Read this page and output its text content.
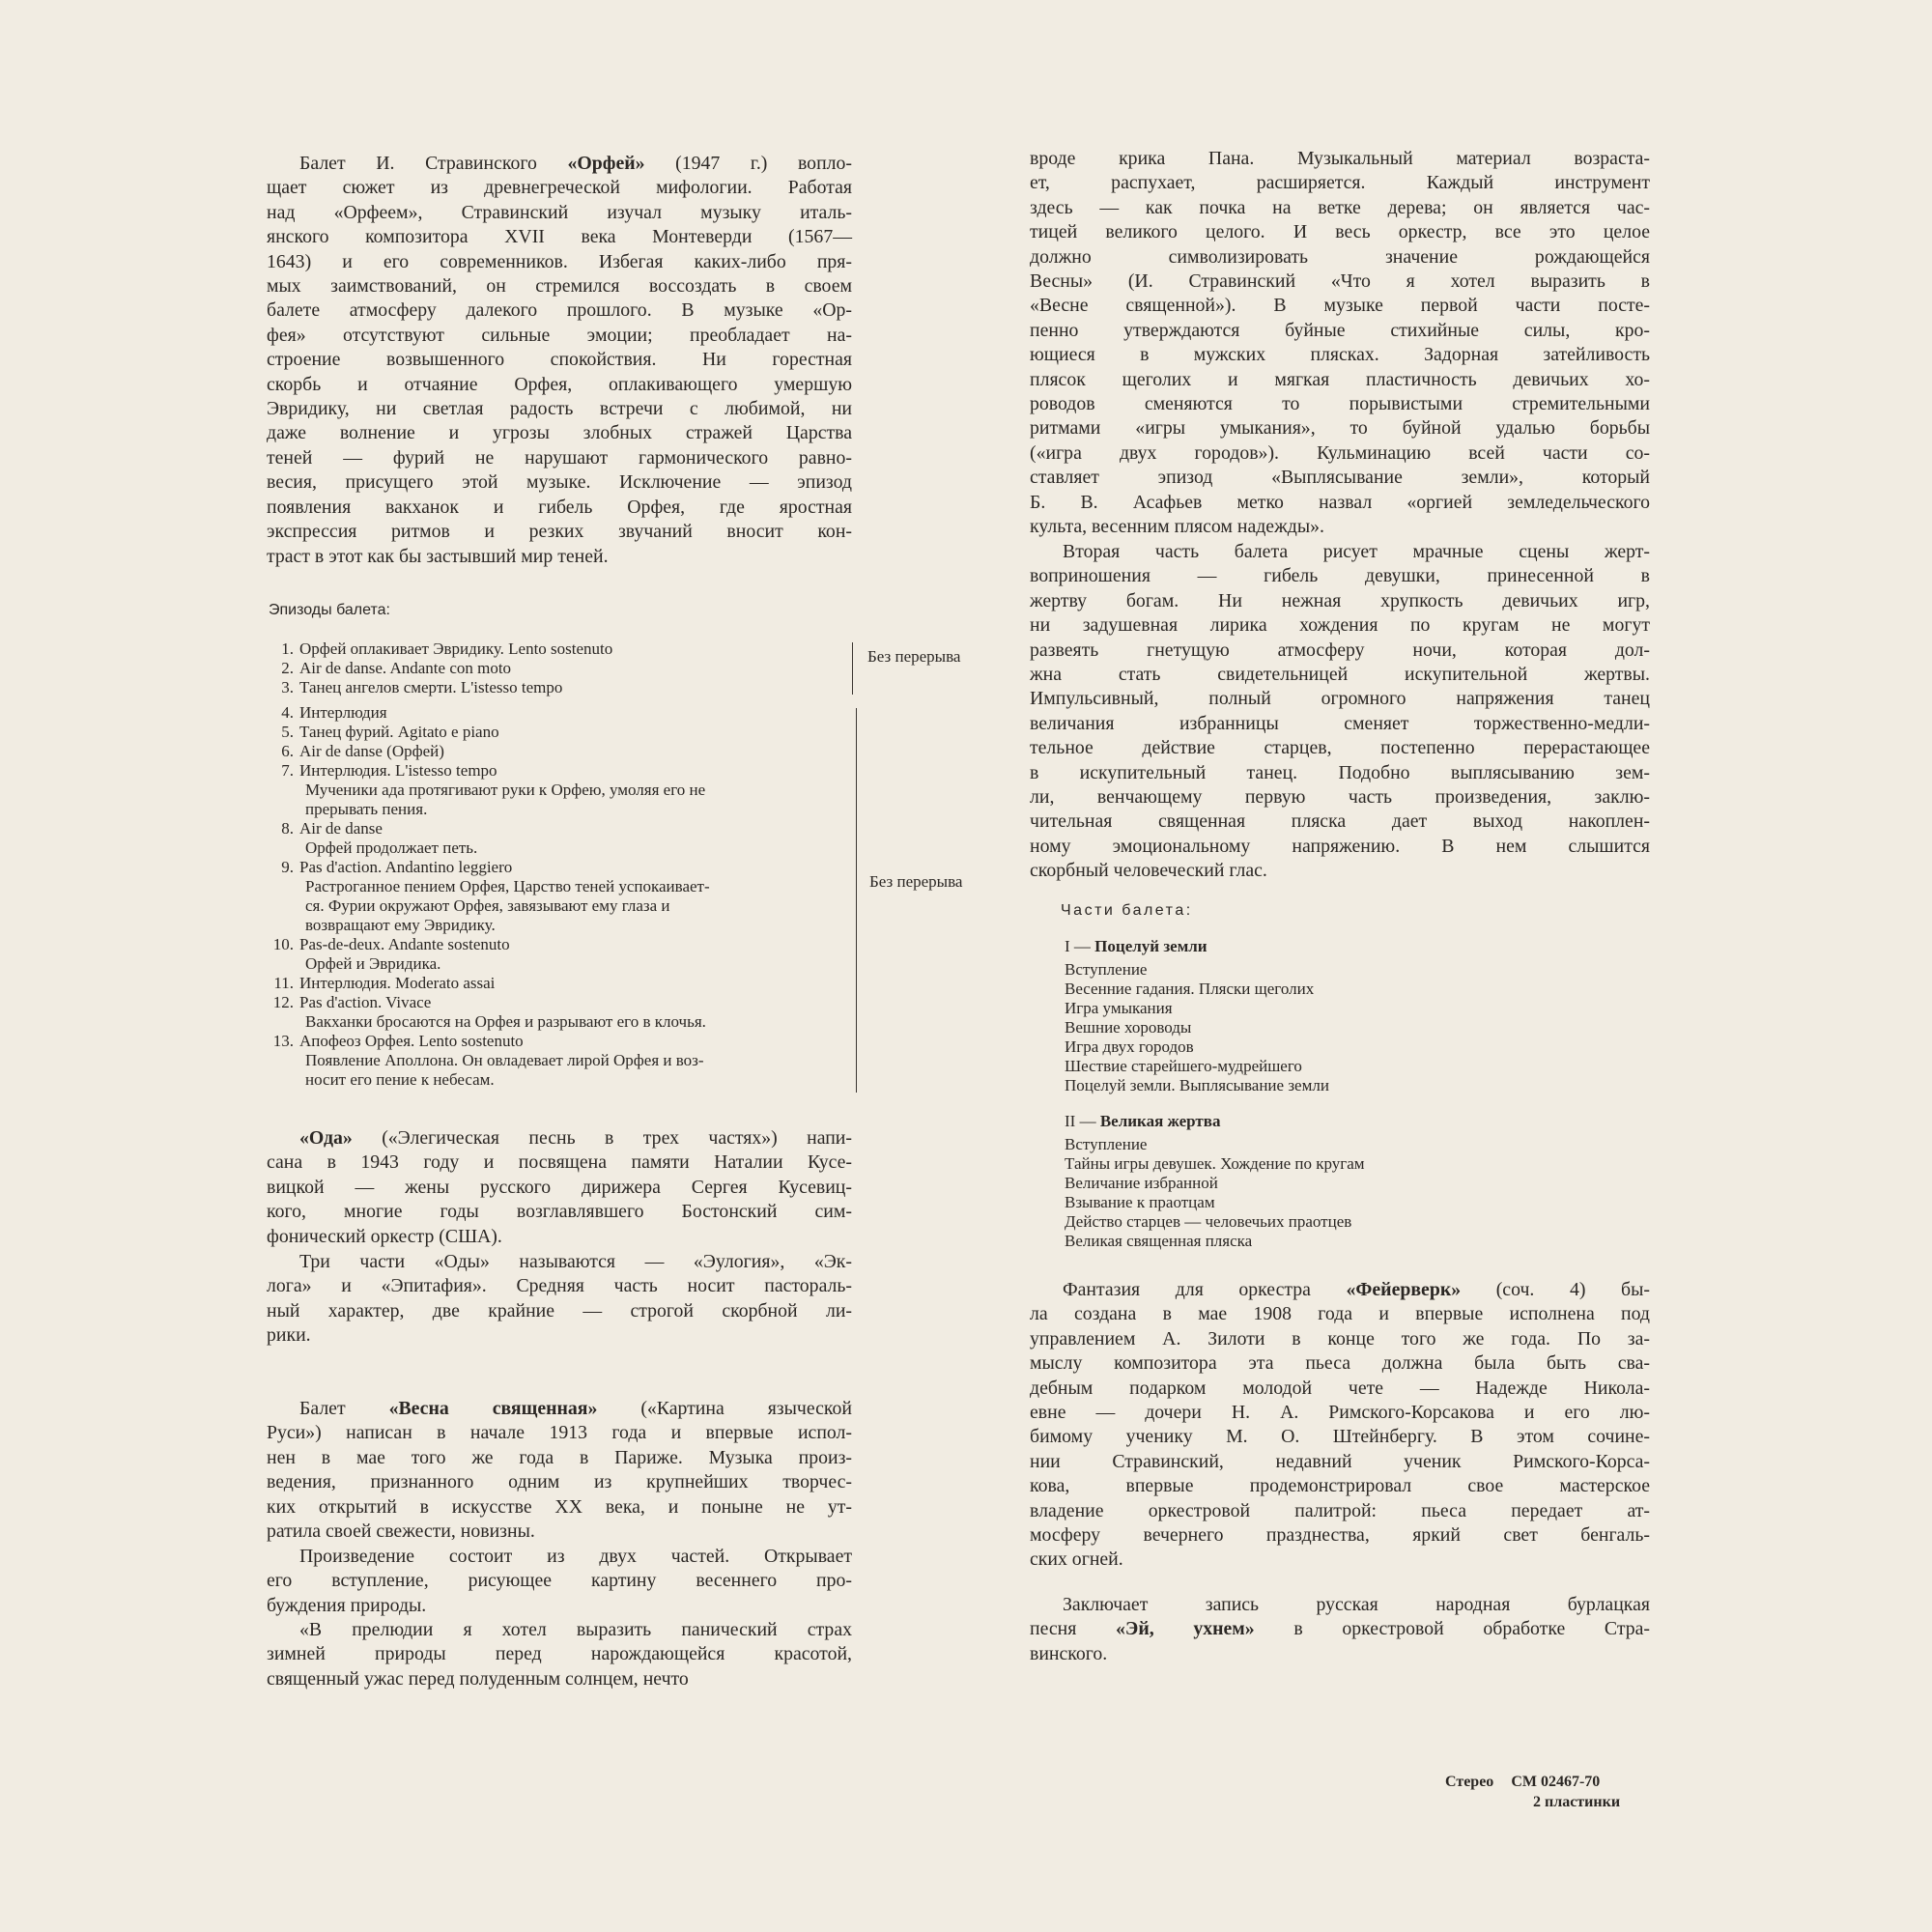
Балет И. Стравинского «Орфей» (1947 г.) вопло-
щает сюжет из древнегреческой мифологии. Работая
над «Орфеем», Стравинский изучал музыку италь-
янского композитора XVII века Монтеверди (1567—
1643) и его современников. Избегая каких-либо пря-
мых заимствований, он стремился воссоздать в своем
балете атмосферу далекого прошлого. В музыке «Ор-
фея» отсутствуют сильные эмоции; преобладает на-
строение возвышенного спокойствия. Ни горестная
скорбь и отчаяние Орфея, оплакивающего умершую
Эвридику, ни светлая радость встречи с любимой, ни
даже волнение и угрозы злобных стражей Царства
теней — фурий не нарушают гармонического равно-
весия, присущего этой музыке. Исключение — эпизод
появления вакханок и гибель Орфея, где яростная
экспрессия ритмов и резких звучаний вносит кон-
траст в этот как бы застывший мир теней.
Эпизоды балета:
1. Орфей оплакивает Эвридику. Lento sostenuto
2. Air de danse. Andante con moto
3. Танец ангелов смерти. L'istesso tempo
4. Интерлюдия
5. Танец фурий. Agitato e piano
6. Air de danse (Орфей)
7. Интерлюдия. L'istesso tempo
Мученики ада протягивают руки к Орфею, умоляя его не
прерывать пения.
8. Air de danse
Орфей продолжает петь.
9. Pas d'action. Andantino leggiero
Растроганное пением Орфея, Царство теней успокаивает-
ся. Фурии окружают Орфея, завязывают ему глаза и
возвращают ему Эвридику.
10. Pas-de-deux. Andante sostenuto
Орфей и Эвридика.
11. Интерлюдия. Moderato assai
12. Pas d'action. Vivace
Вакханки бросаются на Орфея и разрывают его в клочья.
13. Апофеоз Орфея. Lento sostenuto
Появление Аполлона. Он овладевает лирой Орфея и воз-
носит его пение к небесам.
Без перерыва
Без перерыва
«Ода» («Элегическая песнь в трех частях») напи-
сана в 1943 году и посвящена памяти Наталии Кусе-
вицкой — жены русского дирижера Сергея Кусевиц-
кого, многие годы возглавлявшего Бостонский сим-
фонический оркестр (США).
Три части «Оды» называются — «Эулогия», «Эк-
лога» и «Эпитафия». Средняя часть носит пастораль-
ный характер, две крайние — строгой скорбной ли-
рики.
Балет «Весна священная» («Картина языческой
Руси») написан в начале 1913 года и впервые испол-
нен в мае того же года в Париже. Музыка произ-
ведения, признанного одним из крупнейших творчес-
ких открытий в искусстве XX века, и поныне не ут-
ратила своей свежести, новизны.
Произведение состоит из двух частей. Открывает
его вступление, рисующее картину весеннего про-
буждения природы.
«В прелюдии я хотел выразить панический страх
зимней природы перед нарождающейся красотой,
священный ужас перед полуденным солнцем, нечто
вроде крика Пана. Музыкальный материал возраста-
ет, распухает, расширяется. Каждый инструмент
здесь — как почка на ветке дерева; он является час-
тицей великого целого. И весь оркестр, все это целое
должно символизировать значение рождающейся
Весны» (И. Стравинский «Что я хотел выразить в
«Весне священной»). В музыке первой части посте-
пенно утверждаются буйные стихийные силы, кро-
ющиеся в мужских плясках. Задорная затейливость
плясок щеголих и мягкая пластичность девичьих хо-
роводов сменяются то порывистыми стремительными
ритмами «игры умыкания», то буйной удалью борьбы
(«игра двух городов»). Кульминацию всей части со-
ставляет эпизод «Выплясывание земли», который
Б. В. Асафьев метко назвал «оргией земледельческого
культа, весенним плясом надежды».
Вторая часть балета рисует мрачные сцены жерт-
воприношения — гибель девушки, принесенной в
жертву богам. Ни нежная хрупкость девичьих игр,
ни задушевная лирика хождения по кругам не могут
развеять гнетущую атмосферу ночи, которая дол-
жна стать свидетельницей искупительной жертвы.
Импульсивный, полный огромного напряжения танец
величания избранницы сменяет торжественно-медли-
тельное действие старцев, постепенно перерастающее
в искупительный танец. Подобно выплясыванию зем-
ли, венчающему первую часть произведения, заклю-
чительная священная пляска дает выход накоплен-
ному эмоциональному напряжению. В нем слышится
скорбный человеческий глас.
Части балета:
I — Поцелуй земли
Вступление
Весенние гадания. Пляски щеголих
Игра умыкания
Вешние хороводы
Игра двух городов
Шествие старейшего-мудрейшего
Поцелуй земли. Выплясывание земли
II — Великая жертва
Вступление
Тайны игры девушек. Хождение по кругам
Величание избранной
Взывание к праотцам
Действо старцев — человечьих праотцев
Великая священная пляска
Фантазия для оркестра «Фейерверк» (соч. 4) бы-
ла создана в мае 1908 года и впервые исполнена под
управлением А. Зилоти в конце того же года. По за-
мыслу композитора эта пьеса должна была быть сва-
дебным подарком молодой чете — Надежде Николa-
евне — дочери Н. А. Римского-Корсакова и его лю-
бимому ученику М. О. Штейнбергу. В этом сочине-
нии Стравинский, недавний ученик Римского-Корса-
кова, впервые продемонстрировал свое мастерское
владение оркестровой палитрой: пьеса передает ат-
мосферу вечернего празднества, яркий свет бенгаль-
ских огней.
Заключает запись русская народная бурлацкая
песня «Эй, ухнем» в оркестровой обработке Стра-
винского.
Стерео СМ 02467-70
2 пластинки
